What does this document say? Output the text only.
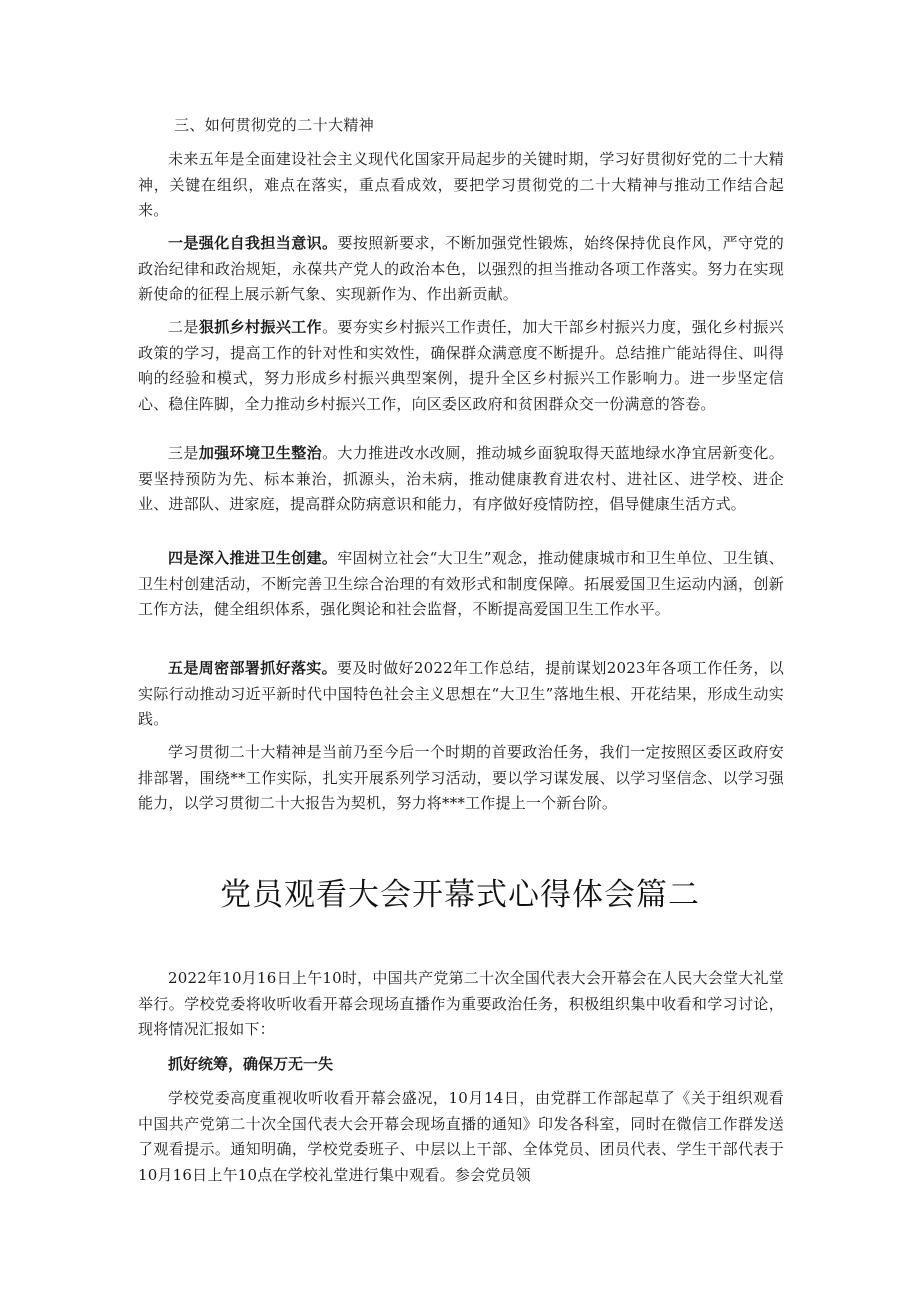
三、如何贯彻党的二十大精神

未来五年是全面建设社会主义现代化国家开局起步的关键时期，学习好贯彻好党的二十大精神，关键在组织，难点在落实，重点看成效，要把学习贯彻党的二十大精神与推动工作结合起来。

一是强化自我担当意识。要按照新要求，不断加强党性锻炼，始终保持优良作风，严守党的政治纪律和政治规矩，永葆共产党人的政治本色，以强烈的担当推动各项工作落实。努力在实现新使命的征程上展示新气象、实现新作为、作出新贡献。

二是狠抓乡村振兴工作。要夯实乡村振兴工作责任，加大干部乡村振兴力度，强化乡村振兴政策的学习，提高工作的针对性和实效性，确保群众满意度不断提升。总结推广能站得住、叫得响的经验和模式，努力形成乡村振兴典型案例，提升全区乡村振兴工作影响力。进一步坚定信心、稳住阵脚，全力推动乡村振兴工作，向区委区政府和贫困群众交一份满意的答卷。

三是加强环境卫生整治。大力推进改水改厕，推动城乡面貌取得天蓝地绿水净宜居新变化。要坚持预防为先、标本兼治，抓源头，治未病，推动健康教育进农村、进社区、进学校、进企业、进部队、进家庭，提高群众防病意识和能力，有序做好疫情防控，倡导健康生活方式。

四是深入推进卫生创建。牢固树立社会“大卫生”观念，推动健康城市和卫生单位、卫生镇、卫生村创建活动，不断完善卫生综合治理的有效形式和制度保障。拓展爱国卫生运动内涵，创新工作方法，健全组织体系，强化舆论和社会监督，不断提高爱国卫生工作水平。

五是周密部署抓好落实。要及时做好2022年工作总结，提前谋划2023年各项工作任务，以实际行动推动习近平新时代中国特色社会主义思想在“大卫生”落地生根、开花结果，形成生动实践。

学习贯彻二十大精神是当前乃至今后一个时期的首要政治任务，我们一定按照区委区政府安排部署，围绕**工作实际，扎实开展系列学习活动，要以学习谋发展、以学习坚信念、以学习强能力，以学习贯彻二十大报告为契机，努力将***工作提上一个新台阶。

2022年10月16日上午10时，中国共产党第二十次全国代表大会开幕会在人民大会堂大礼堂举行。学校党委将收听收看开幕会现场直播作为重要政治任务，积极组织集中收看和学习讨论，现将情况汇报如下：

抓好统筹，确保万无一失

学校党委高度重视收听收看开幕会盛况，10月14日，由党群工作部起草了《关于组织观看中国共产党第二十次全国代表大会开幕会现场直播的通知》印发各科室，同时在微信工作群发送了观看提示。通知明确，学校党委班子、中层以上干部、全体党员、团员代表、学生干部代表于10月16日上午10点在学校礼堂进行集中观看。参会党员领

党员观看大会开幕式心得体会篇二
